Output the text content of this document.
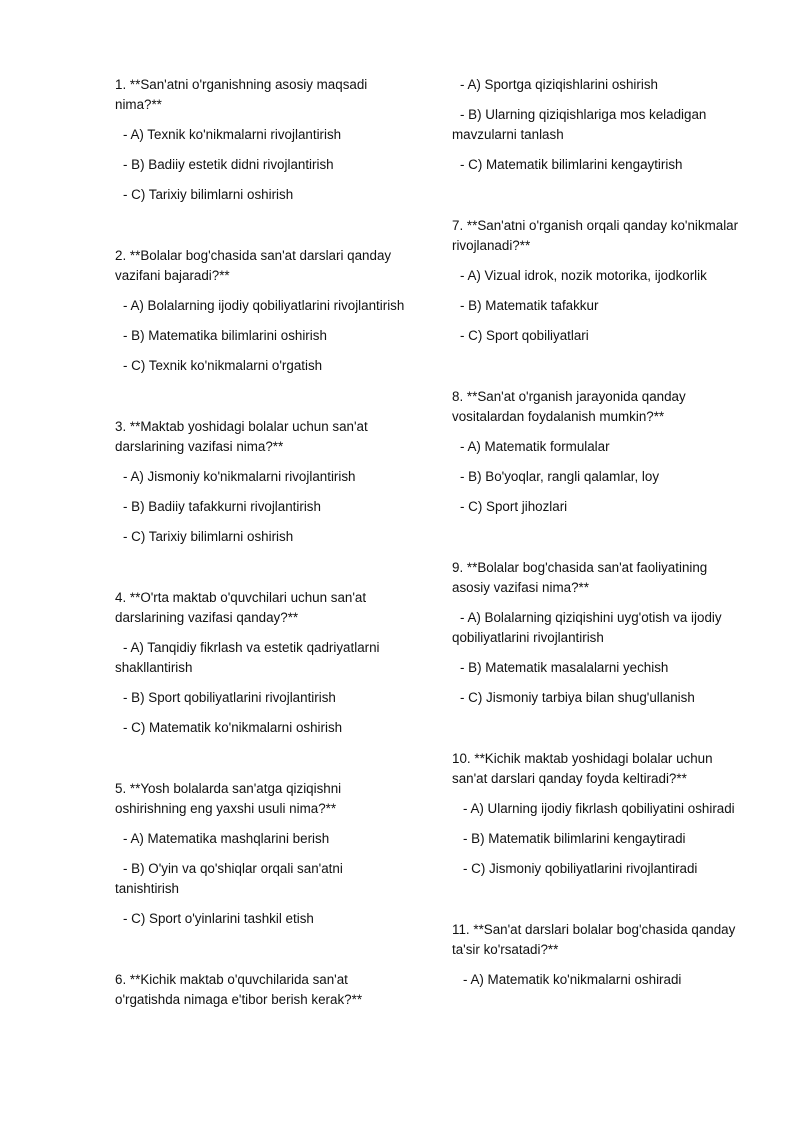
1. **San'atni o'rganishning asosiy maqsadi nima?**
- A) Texnik ko'nikmalarni rivojlantirish
- B) Badiiy estetik didni rivojlantirish
- C) Tarixiy bilimlarni oshirish
2. **Bolalar bog'chasida san'at darslari qanday vazifani bajaradi?**
- A) Bolalarning ijodiy qobiliyatlarini rivojlantirish
- B) Matematika bilimlarini oshirish
- C) Texnik ko'nikmalarni o'rgatish
3. **Maktab yoshidagi bolalar uchun san'at darslarining vazifasi nima?**
- A) Jismoniy ko'nikmalarni rivojlantirish
- B) Badiiy tafakkurni rivojlantirish
- C) Tarixiy bilimlarni oshirish
4. **O'rta maktab o'quvchilari uchun san'at darslarining vazifasi qanday?**
- A) Tanqidiy fikrlash va estetik qadriyatlarni shakllantirish
- B) Sport qobiliyatlarini rivojlantirish
- C) Matematik ko'nikmalarni oshirish
5. **Yosh bolalarda san'atga qiziqishni oshirishning eng yaxshi usuli nima?**
- A) Matematika mashqlarini berish
- B) O'yin va qo'shiqlar orqali san'atni tanishtirish
- C) Sport o'yinlarini tashkil etish
6. **Kichik maktab o'quvchilarida san'at o'rgatishda nimaga e'tibor berish kerak?**
- A) Sportga qiziqishlarini oshirish
- B) Ularning qiziqishlariga mos keladigan mavzularni tanlash
- C) Matematik bilimlarini kengaytirish
7. **San'atni o'rganish orqali qanday ko'nikmalar rivojlanadi?**
- A) Vizual idrok, nozik motorika, ijodkorlik
- B) Matematik tafakkur
- C) Sport qobiliyatlari
8. **San'at o'rganish jarayonida qanday vositalardan foydalanish mumkin?**
- A) Matematik formulalar
- B) Bo'yoqlar, rangli qalamlar, loy
- C) Sport jihozlari
9. **Bolalar bog'chasida san'at faoliyatining asosiy vazifasi nima?**
- A) Bolalarning qiziqishini uyg'otish va ijodiy qobiliyatlarini rivojlantirish
- B) Matematik masalalarni yechish
- C) Jismoniy tarbiya bilan shug'ullanish
10. **Kichik maktab yoshidagi bolalar uchun san'at darslari qanday foyda keltiradi?**
- A) Ularning ijodiy fikrlash qobiliyatini oshiradi
- B) Matematik bilimlarini kengaytiradi
- C) Jismoniy qobiliyatlarini rivojlantiradi
11. **San'at darslari bolalar bog'chasida qanday ta'sir ko'rsatadi?**
- A) Matematik ko'nikmalarni oshiradi
